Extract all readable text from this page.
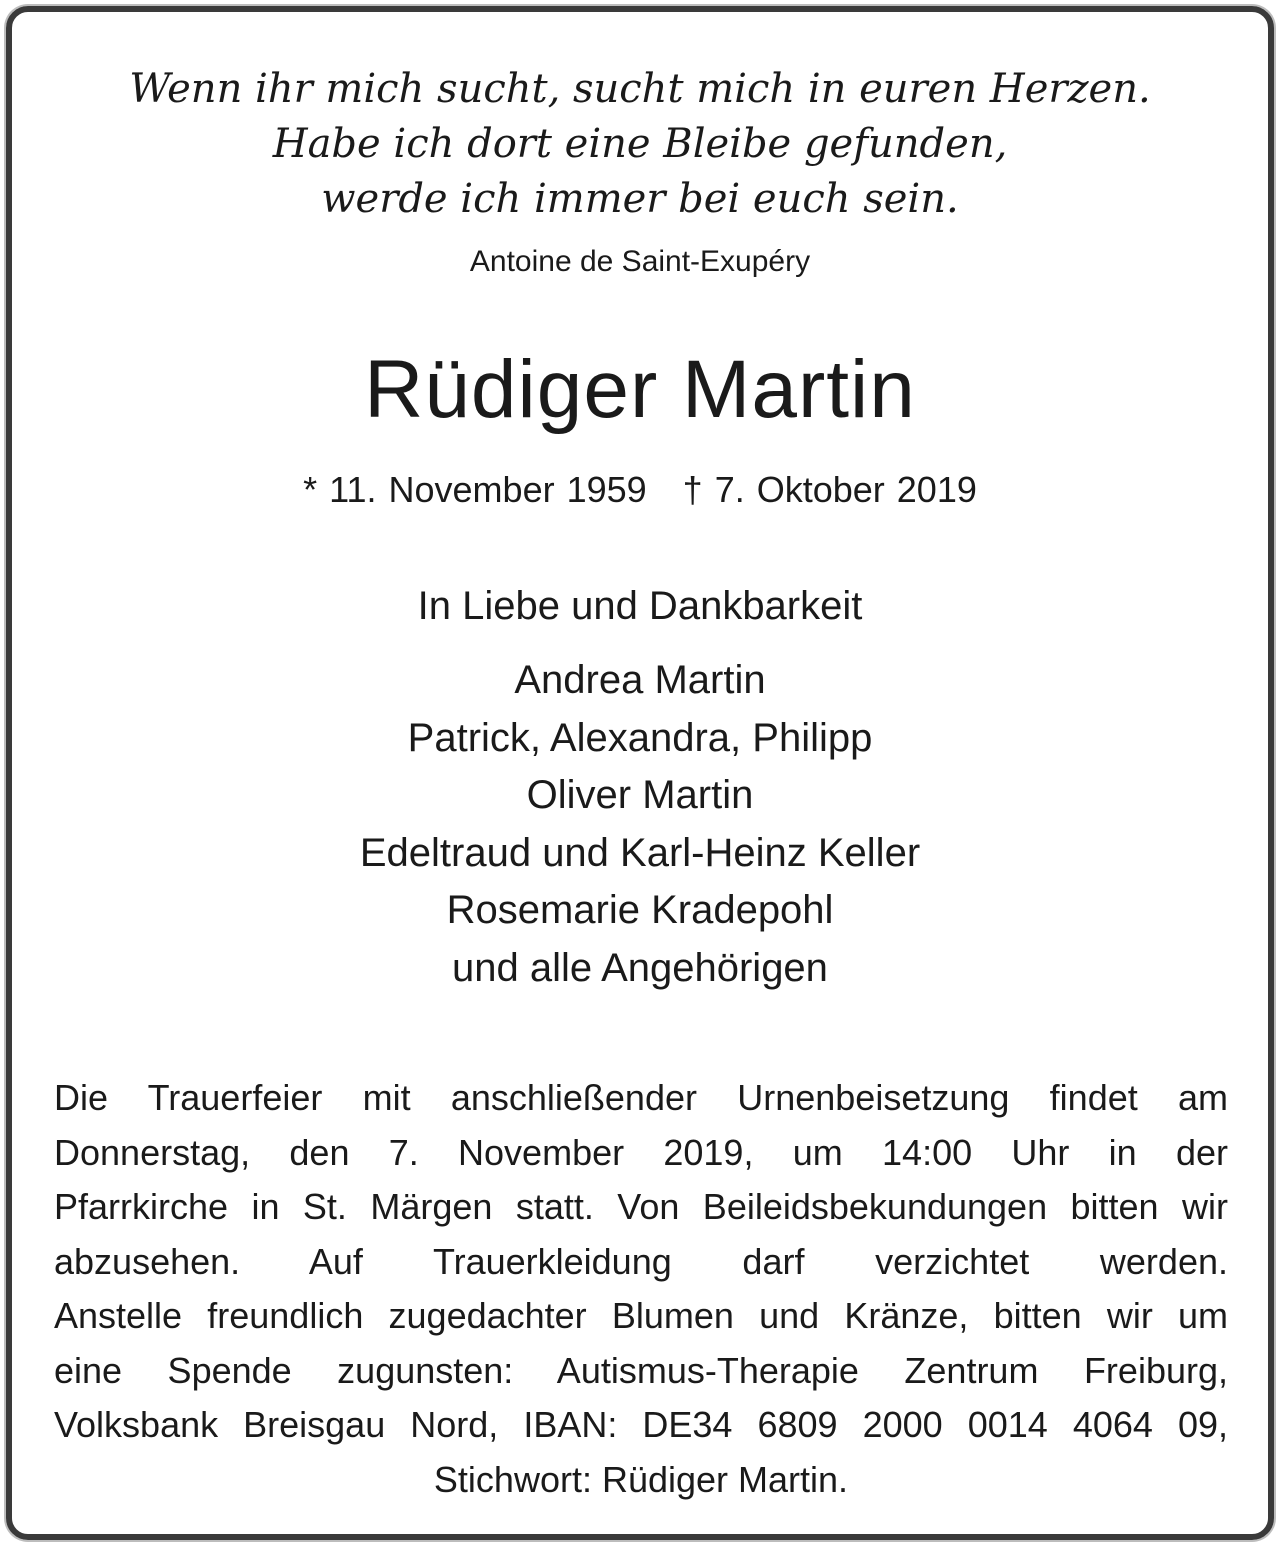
Wenn ihr mich sucht, sucht mich in euren Herzen.
Habe ich dort eine Bleibe gefunden,
werde ich immer bei euch sein.
Antoine de Saint-Exupéry
Rüdiger Martin
* 11. November 1959 † 7. Oktober 2019
In Liebe und Dankbarkeit
Andrea Martin
Patrick, Alexandra, Philipp
Oliver Martin
Edeltraud und Karl-Heinz Keller
Rosemarie Kradepohl
und alle Angehörigen
Die Trauerfeier mit anschließender Urnenbeisetzung findet am
Donnerstag, den 7. November 2019, um 14:00 Uhr in der
Pfarrkirche in St. Märgen statt. Von Beileidsbekundungen bitten wir
abzusehen. Auf Trauerkleidung darf verzichtet werden.
Anstelle freundlich zugedachter Blumen und Kränze, bitten wir um
eine Spende zugunsten: Autismus-Therapie Zentrum Freiburg,
Volksbank Breisgau Nord, IBAN: DE34 6809 2000 0014 4064 09,
Stichwort: Rüdiger Martin.
